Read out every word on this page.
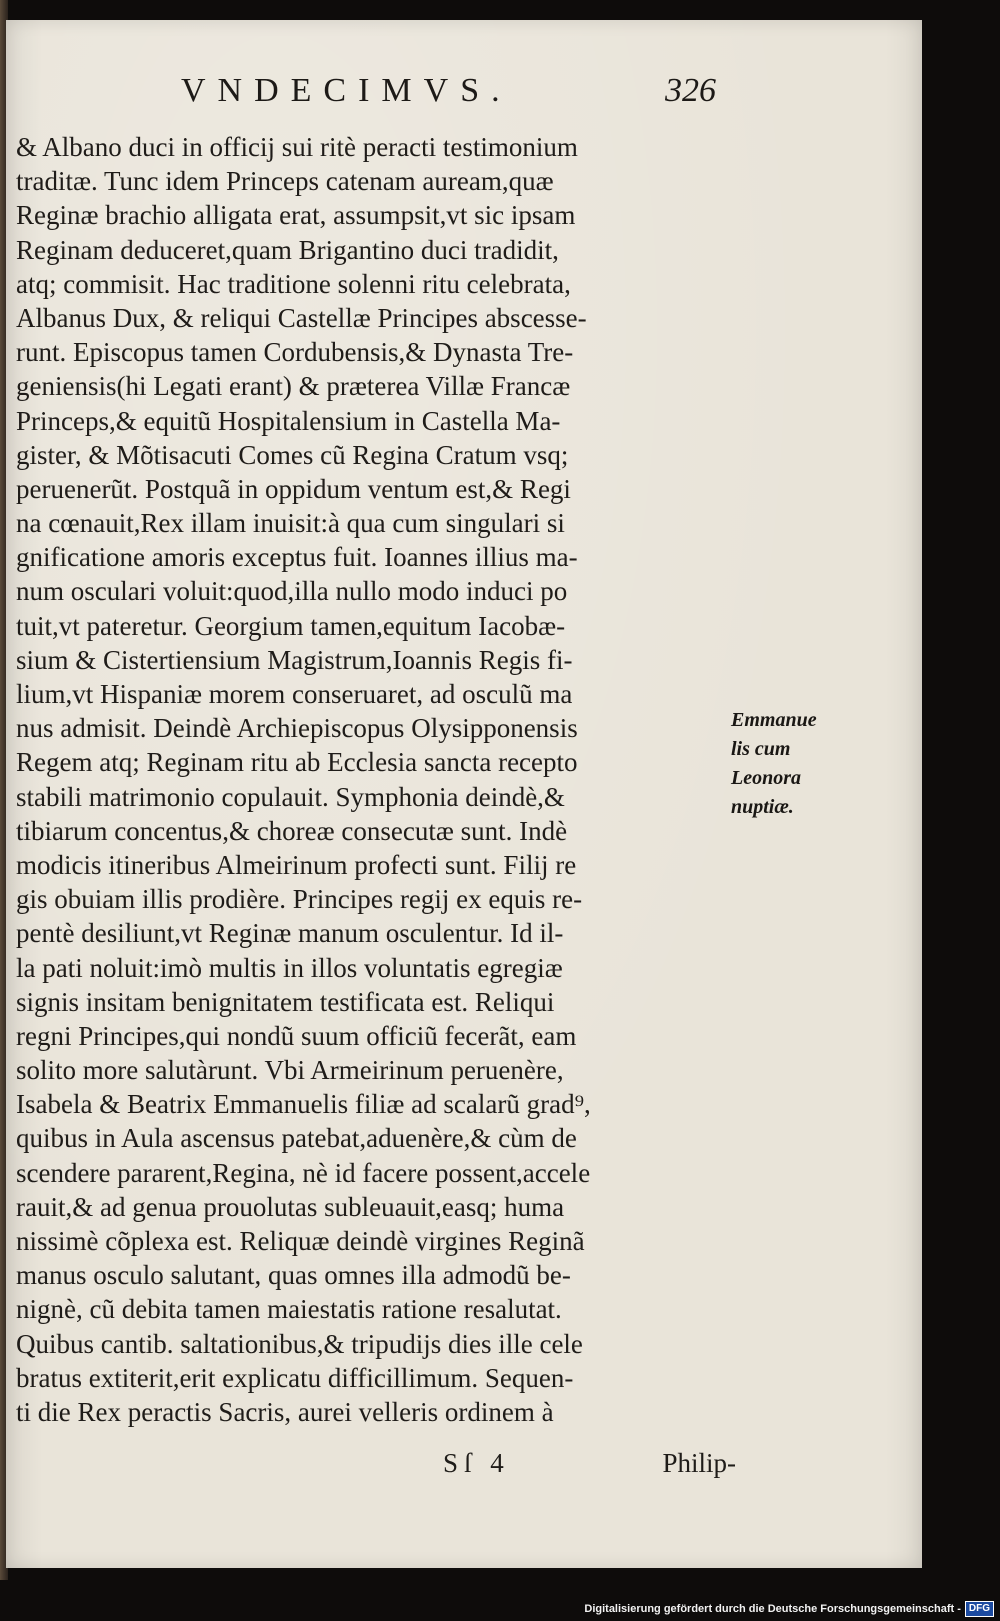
VNDECIMVS.	326
& Albano duci in officij sui ritè peracti testimonium
traditæ. Tunc idem Princeps catenam auream,quæ
Reginæ brachio alligata erat, assumpsit,vt sic ipsam
Reginam deduceret,quam Brigantino duci tradidit,
atq; commisit. Hac traditione solenni ritu celebrata,
Albanus Dux, & reliqui Castellæ Principes abscesse-
runt. Episcopus tamen Cordubensis,& Dynasta Tre-
geniensis(hi Legati erant) & præterea Villæ Francæ
Princeps,& equitũ Hospitalensium in Castella Ma-
gister, & Mõtisacuti Comes cũ Regina Cratum vsq;
peruenerũt. Postquã in oppidum ventum est,& Regi
na cœnauit,Rex illam inuisit:à qua cum singulari si
gnificatione amoris exceptus fuit. Ioannes illius ma-
num osculari voluit:quod,illa nullo modo induci po
tuit,vt pateretur. Georgium tamen,equitum Iacobæ-
sium & Cistertiensium Magistrum,Ioannis Regis fi-
lium,vt Hispaniæ morem conseruaret, ad osculũ ma
nus admisit. Deindè Archiepiscopus Olysipponensis
Regem atq; Reginam ritu ab Ecclesia sancta recepto
stabili matrimonio copulauit. Symphonia deindè,&
tibiarum concentus,& choreæ consecutæ sunt. Indè
modicis itineribus Almeirinum profecti sunt. Filij re
gis obuiam illis prodière. Principes regij ex equis re-
pentè desiliunt,vt Reginæ manum osculentur. Id il-
la pati noluit:imò multis in illos voluntatis egregiæ
signis insitam benignitatem testificata est. Reliqui
regni Principes,qui nondũ suum officiũ fecerãt, eam
solito more salutàrunt. Vbi Armeirinum peruenère,
Isabela & Beatrix Emmanuelis filiæ ad scalarũ grad⁹,
quibus in Aula ascensus patebat,aduenère,& cùm de
scendere pararent,Regina, nè id facere possent,accele
rauit,& ad genua prouolutas subleuauit,easq; huma
nissimè cõplexa est. Reliquæ deindè virgines Reginã
manus osculo salutant, quas omnes illa admodũ be-
nignè, cũ debita tamen maiestatis ratione resalutat.
Quibus cantib. saltationibus,& tripudijs dies ille cele
bratus extiterit,erit explicatu difficillimum. Sequen-
ti die Rex peractis Sacris, aurei velleris ordinem à
Emmanue
lis cum
Leonora
nuptiæ.
Sſ 4	Philip-
Digitalisierung gefördert durch die Deutsche Forschungsgemeinschaft - DFG
